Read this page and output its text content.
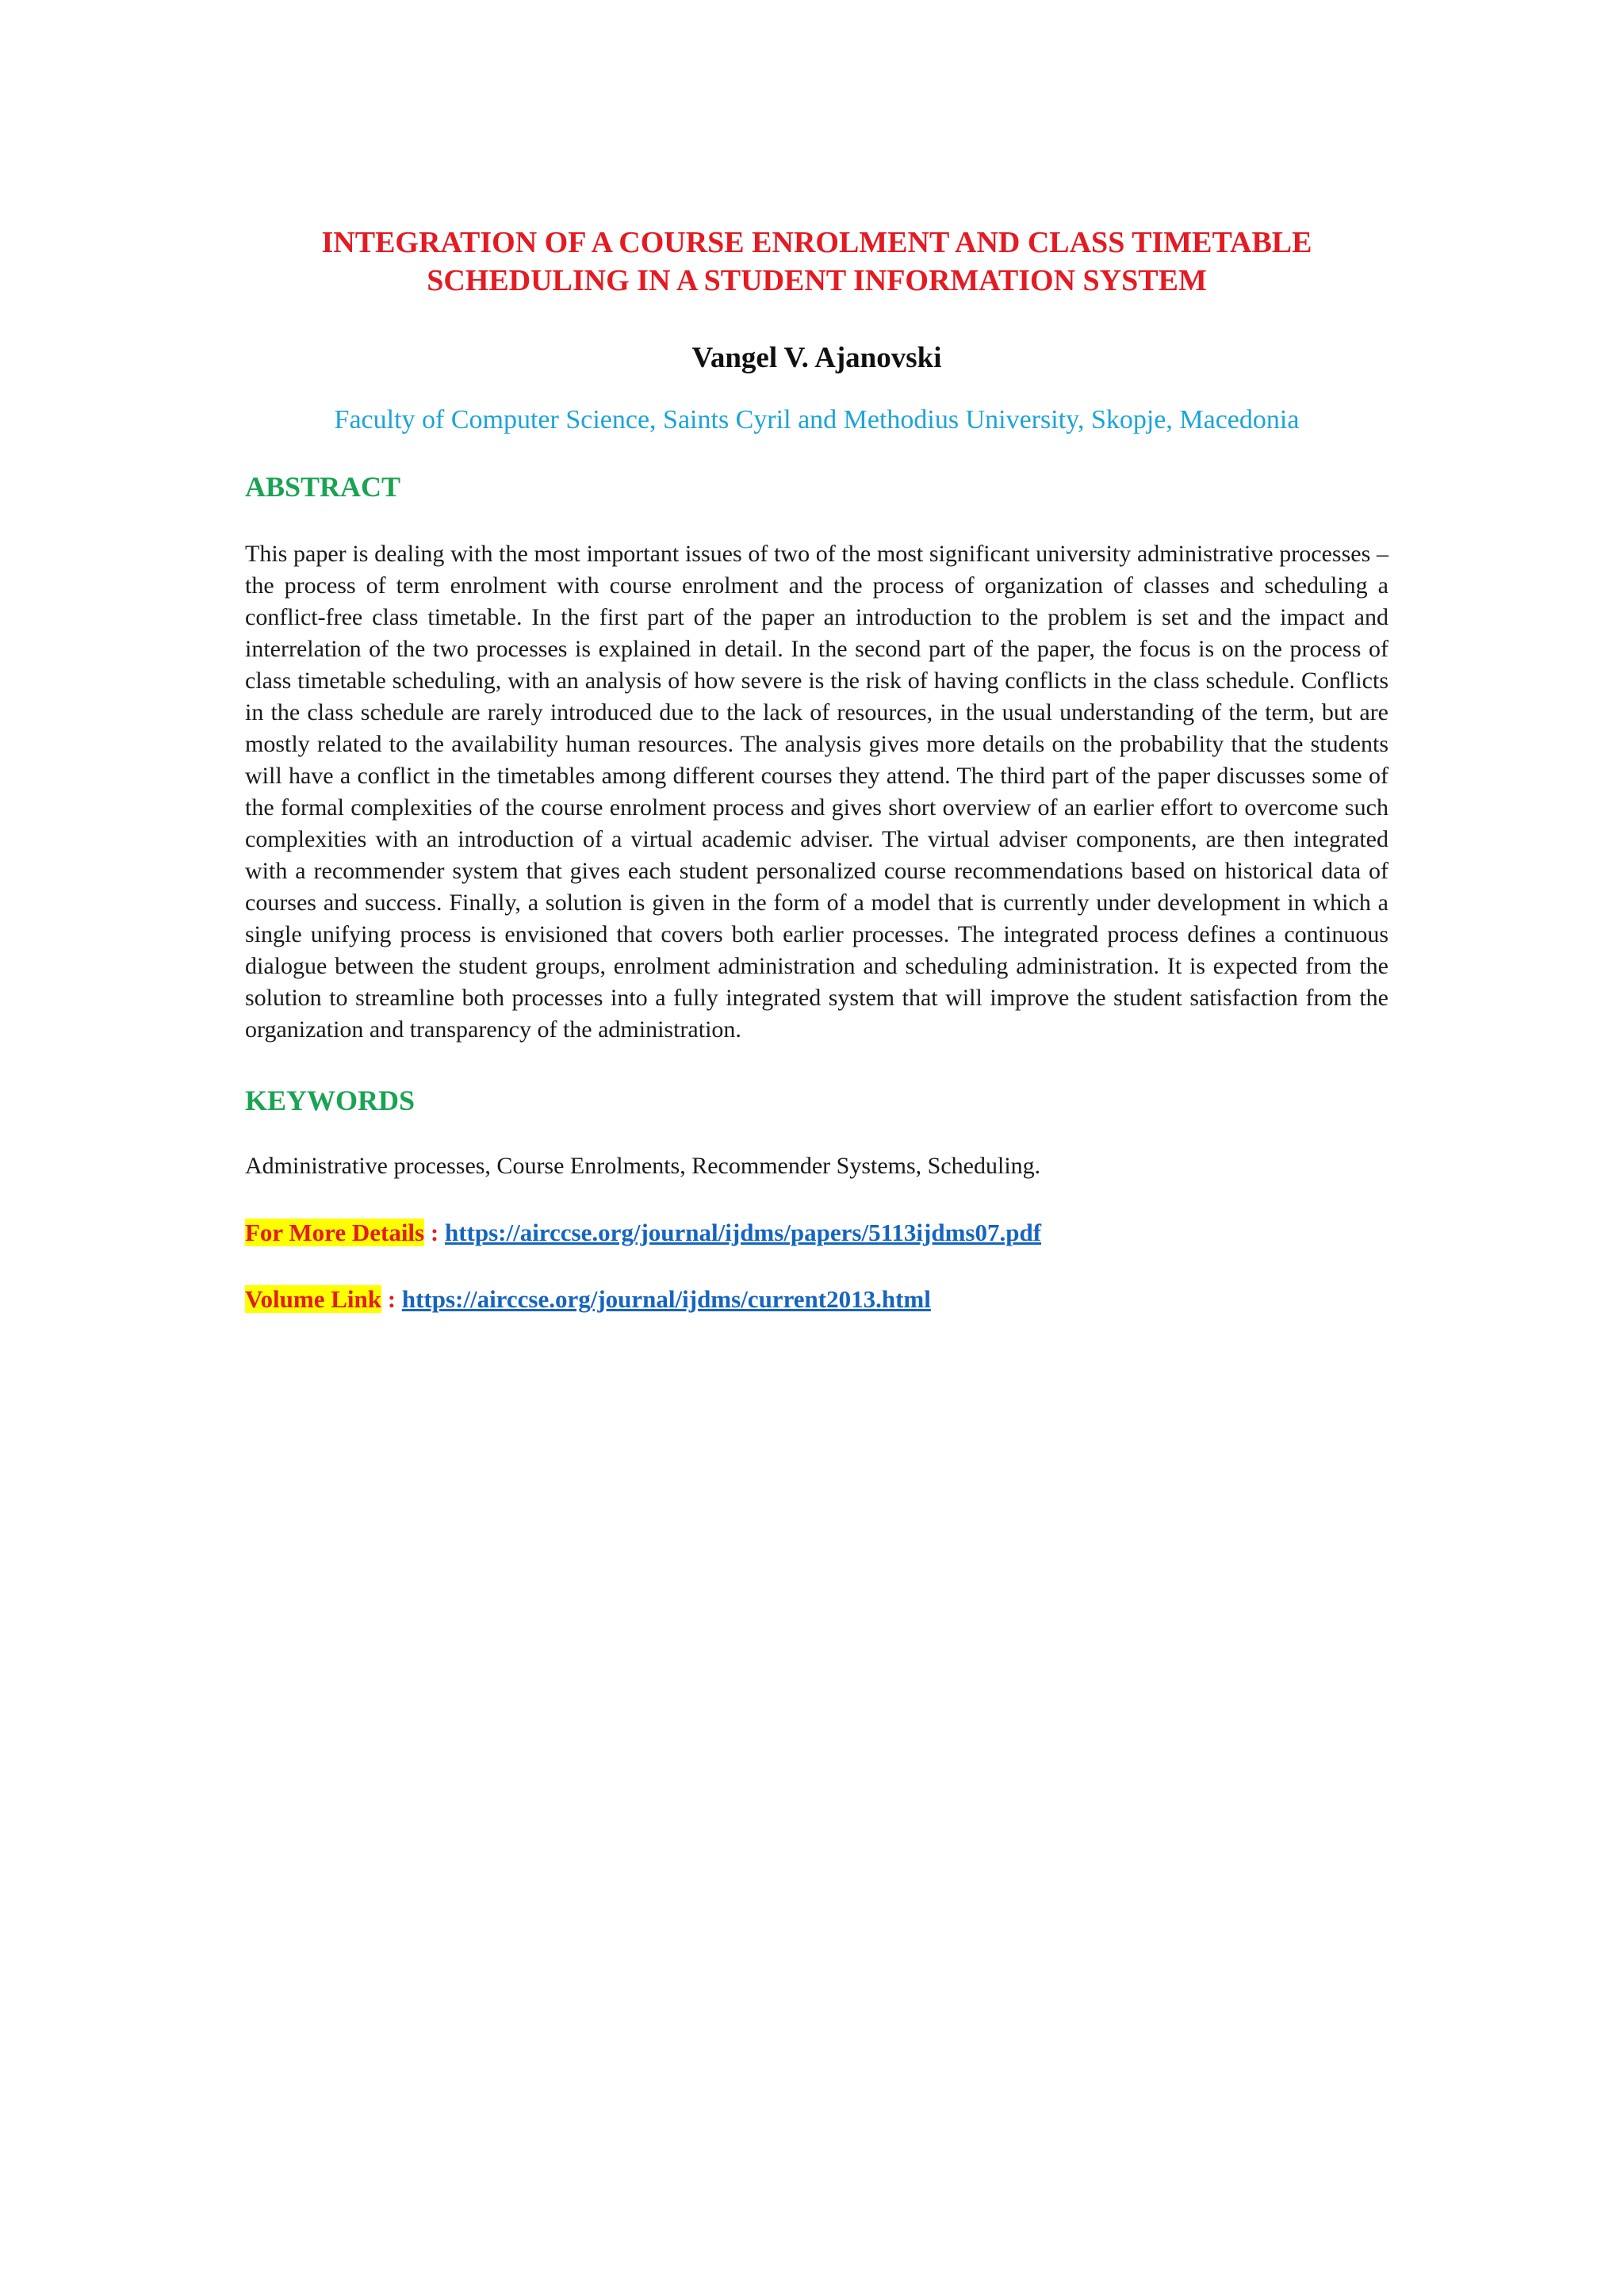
INTEGRATION OF A COURSE ENROLMENT AND CLASS TIMETABLE
SCHEDULING IN A STUDENT INFORMATION SYSTEM

Vangel V. Ajanovski

Faculty of Computer Science, Saints Cyril and Methodius University, Skopje, Macedonia

ABSTRACT

This paper is dealing with the most important issues of two of the most significant university administrative processes – the process of term enrolment with course enrolment and the process of organization of classes and scheduling a conflict-free class timetable. In the first part of the paper an introduction to the problem is set and the impact and interrelation of the two processes is explained in detail. In the second part of the paper, the focus is on the process of class timetable scheduling, with an analysis of how severe is the risk of having conflicts in the class schedule. Conflicts in the class schedule are rarely introduced due to the lack of resources, in the usual understanding of the term, but are mostly related to the availability human resources. The analysis gives more details on the probability that the students will have a conflict in the timetables among different courses they attend. The third part of the paper discusses some of the formal complexities of the course enrolment process and gives short overview of an earlier effort to overcome such complexities with an introduction of a virtual academic adviser. The virtual adviser components, are then integrated with a recommender system that gives each student personalized course recommendations based on historical data of courses and success. Finally, a solution is given in the form of a model that is currently under development in which a single unifying process is envisioned that covers both earlier processes. The integrated process defines a continuous dialogue between the student groups, enrolment administration and scheduling administration. It is expected from the solution to streamline both processes into a fully integrated system that will improve the student satisfaction from the organization and transparency of the administration.

KEYWORDS

Administrative processes, Course Enrolments, Recommender Systems, Scheduling.

For More Details : https://airccse.org/journal/ijdms/papers/5113ijdms07.pdf

Volume Link : https://airccse.org/journal/ijdms/current2013.html
